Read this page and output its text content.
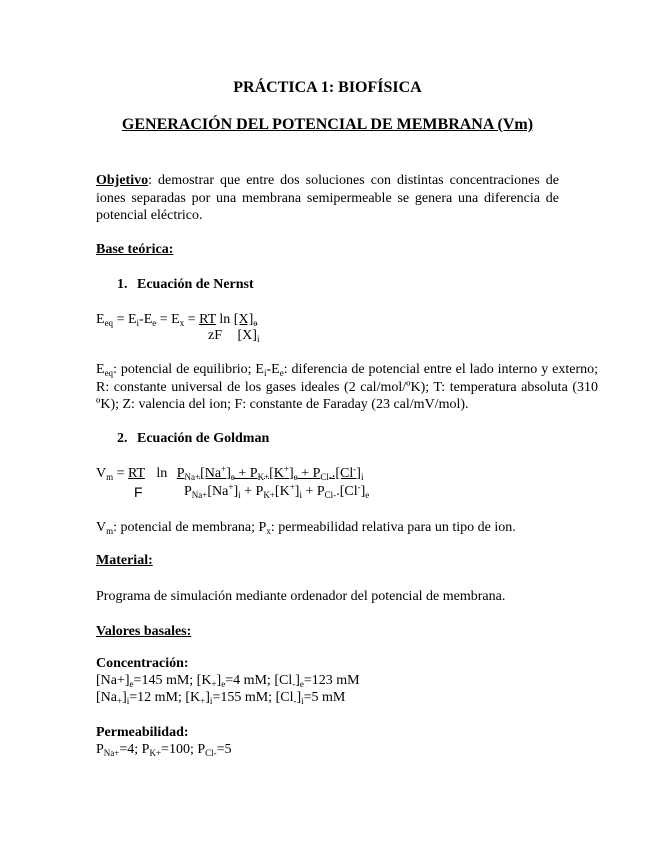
PRÁCTICA 1: BIOFÍSICA
GENERACIÓN DEL POTENCIAL DE MEMBRANA (Vm)
Objetivo: demostrar que entre dos soluciones con distintas concentraciones de iones separadas por una membrana semipermeable se genera una diferencia de potencial eléctrico.
Base teórica:
1. Ecuación de Nernst
$E_{eq} = E_i-E_e = E_x$ = RT $\ln [X]_e$
zF $[X]_i$
$E_{eq}$: potencial de equilibrio; $E_i-E_e$: diferencia de potencial entre el lado interno y externo; R: constante universal de los gases ideales (2 cal/mol/ºK); T: temperatura absoluta (310 ºK); Z: valencia del ion; F: constante de Faraday (23 cal/mV/mol).
2. Ecuación de Goldman
$V_m$ = RT $\ln P_{Na+}[Na^+]_e + P_{K+}[K^+]_e + P_{Cl-}.[Cl^-]_i$
F	$P_{Na+}[Na^+]_i + P_{K+}[K^+]_i + P_{Cl-}.[Cl^-]_e$
$V_m$: potencial de membrana; $P_x$: permeabilidad relativa para un tipo de ion.
Material:
Programa de simulación mediante ordenador del potencial de membrana.
Valores basales:
Concentración:
$[Na+]_e=145$ mM; $[K_+]_e=4$ mM; $[Cl_-]_e=123$ mM
$[Na_+]_i=12$ mM; $[K_+]_i=155$ mM; $[Cl_-]_i=5$ mM
Permeabilidad:
$P_{Na+}=4$; $P_{K+}=100$; $P_{Cl-}=5$
